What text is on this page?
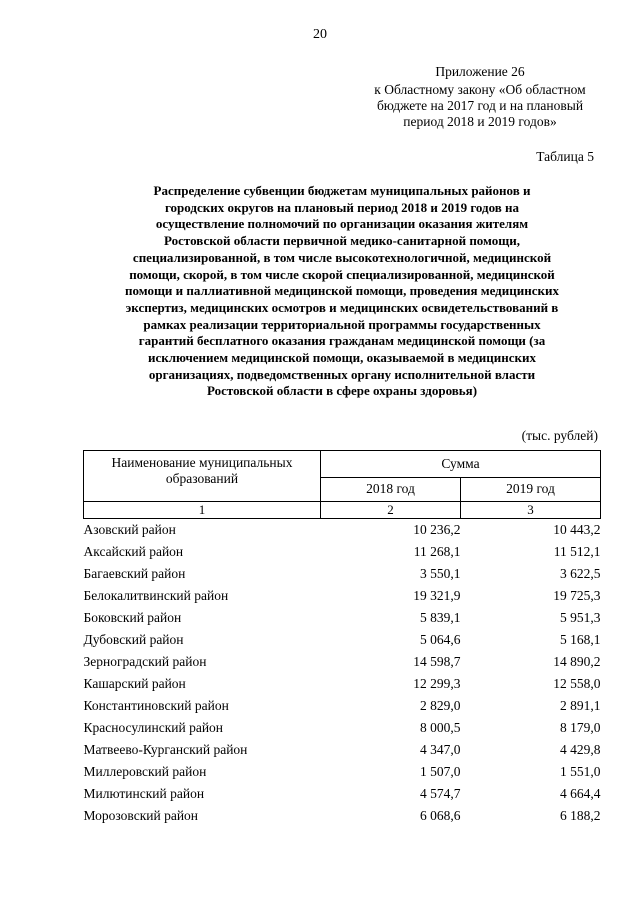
20
Приложение 26
к Областному закону «Об областном
бюджете на 2017 год и на плановый
период 2018 и 2019 годов»
Таблица 5
Распределение субвенции бюджетам муниципальных районов и
городских округов на плановый период 2018 и 2019 годов на
осуществление полномочий по организации оказания жителям
Ростовской области первичной медико-санитарной помощи,
специализированной, в том числе высокотехнологичной, медицинской
помощи, скорой, в том числе скорой специализированной, медицинской
помощи и паллиативной медицинской помощи, проведения медицинских
экспертиз, медицинских осмотров и медицинских освидетельствований в
рамках реализации территориальной программы государственных
гарантий бесплатного оказания гражданам медицинской помощи (за
исключением медицинской помощи, оказываемой в медицинских
организациях, подведомственных органу исполнительной власти
Ростовской области в сфере охраны здоровья)
(тыс. рублей)
Наименование муниципальных
образований	Сумма	
	2018 год	2019 год
1	2	3
Азовский район	10 236,2	10 443,2
Аксайский район	11 268,1	11 512,1
Багаевский район	3 550,1	3 622,5
Белокалитвинский район	19 321,9	19 725,3
Боковский район	5 839,1	5 951,3
Дубовский район	5 064,6	5 168,1
Зерноградский район	14 598,7	14 890,2
Кашарский район	12 299,3	12 558,0
Константиновский район	2 829,0	2 891,1
Красносулинский район	8 000,5	8 179,0
Матвеево-Курганский район	4 347,0	4 429,8
Миллеровский район	1 507,0	1 551,0
Милютинский район	4 574,7	4 664,4
Морозовский район	6 068,6	6 188,2
